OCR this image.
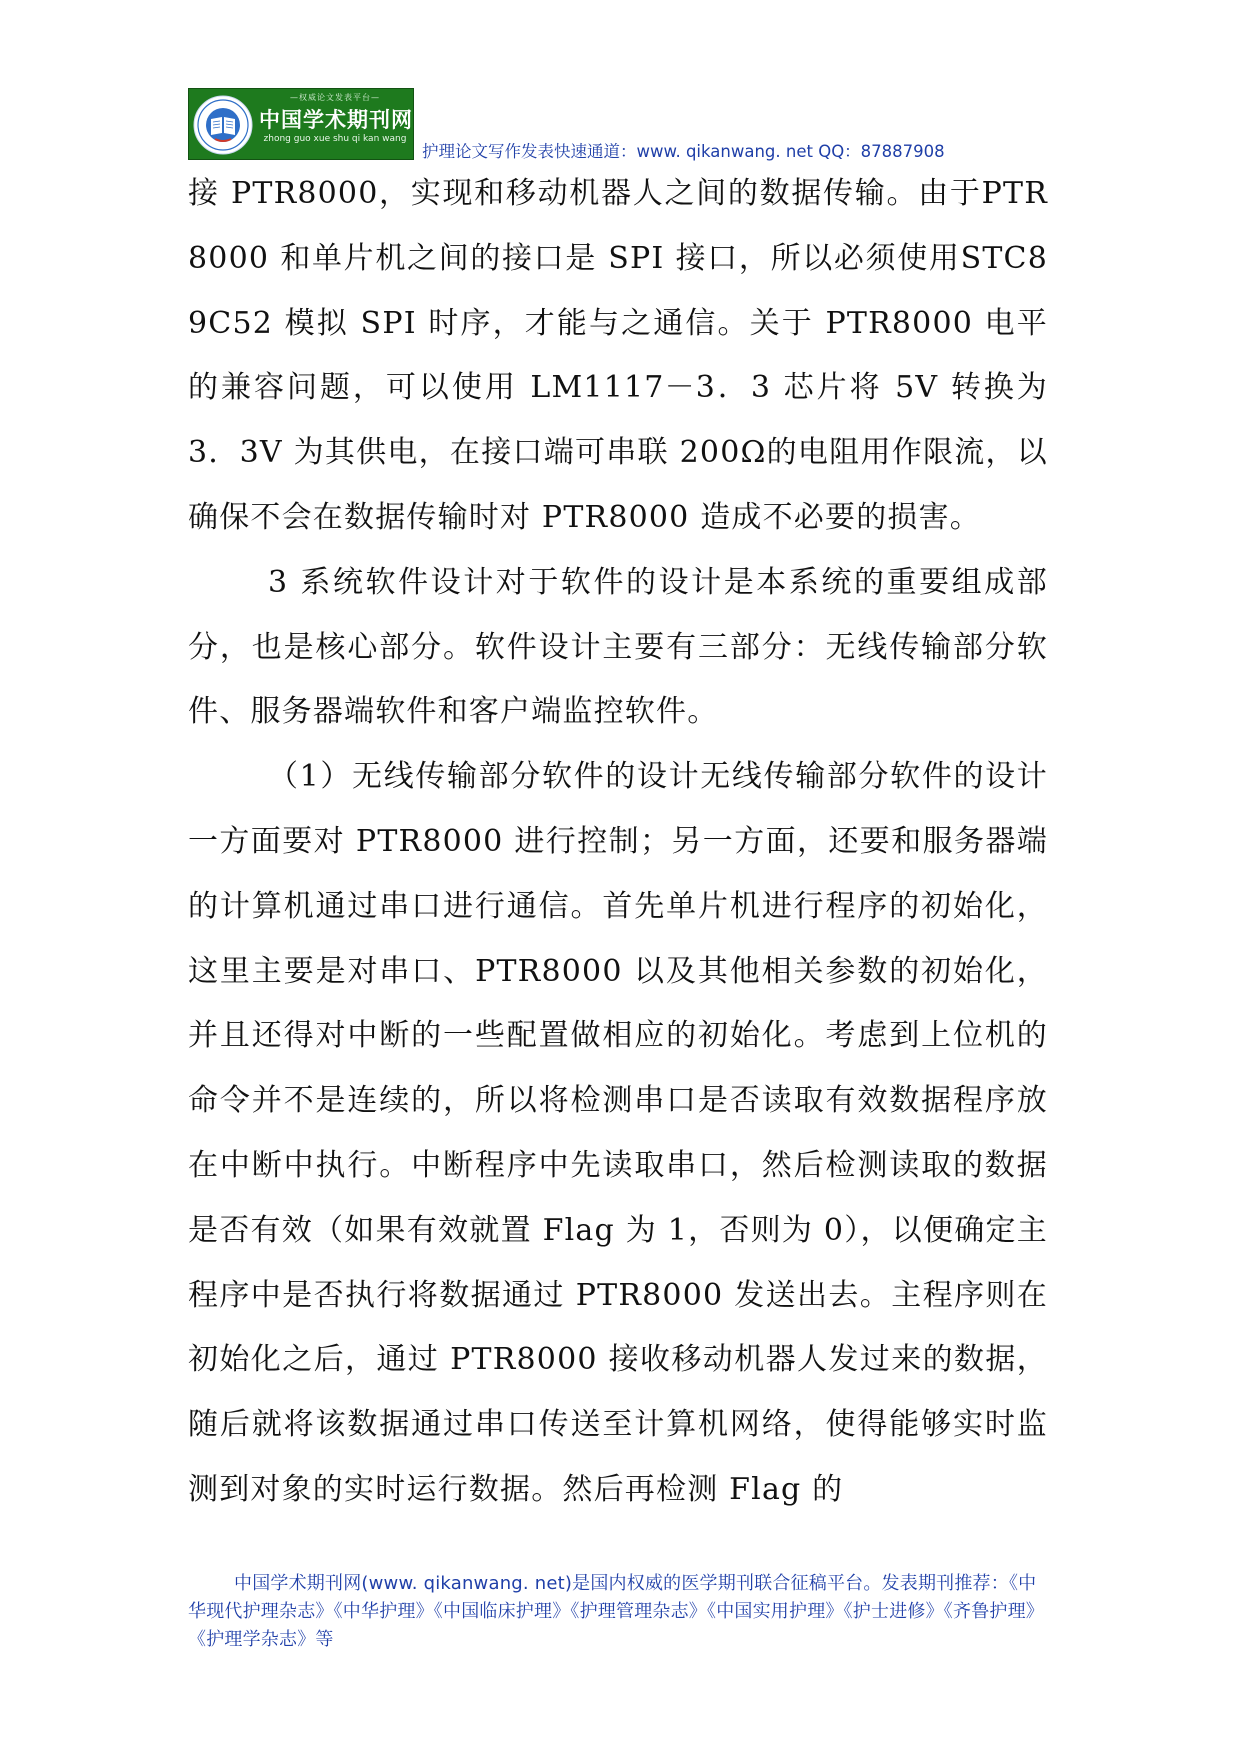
—权威论文发表平台—
中国学术期刊网
zhong guo xue shu qi kan wang
护理论文写作发表快速通道：www. qikanwang. net QQ：87887908

接 PTR8000，实现和移动机器人之间的数据传输。由于PTR8000 和单片机之间的接口是 SPI 接口，所以必须使用STC89C52 模拟 SPI 时序，才能与之通信。关于 PTR8000 电平的兼容问题，可以使用 LM1117－3．3 芯片将 5V 转换为3．3V 为其供电，在接口端可串联 200Ω的电阻用作限流，以确保不会在数据传输时对 PTR8000 造成不必要的损害。

3 系统软件设计对于软件的设计是本系统的重要组成部分，也是核心部分。软件设计主要有三部分：无线传输部分软件、服务器端软件和客户端监控软件。

（1）无线传输部分软件的设计无线传输部分软件的设计一方面要对 PTR8000 进行控制；另一方面，还要和服务器端的计算机通过串口进行通信。首先单片机进行程序的初始化，这里主要是对串口、PTR8000 以及其他相关参数的初始化，并且还得对中断的一些配置做相应的初始化。考虑到上位机的命令并不是连续的，所以将检测串口是否读取有效数据程序放在中断中执行。中断程序中先读取串口，然后检测读取的数据是否有效（如果有效就置 Flag 为 1，否则为 0），以便确定主程序中是否执行将数据通过 PTR8000 发送出去。主程序则在初始化之后，通过 PTR8000 接收移动机器人发过来的数据，随后就将该数据通过串口传送至计算机网络，使得能够实时监测到对象的实时运行数据。然后再检测 Flag 的

中国学术期刊网(www. qikanwang. net)是国内权威的医学期刊联合征稿平台。发表期刊推荐：《中华现代护理杂志》《中华护理》《中国临床护理》《护理管理杂志》《中国实用护理》《护士进修》《齐鲁护理》《护理学杂志》等
